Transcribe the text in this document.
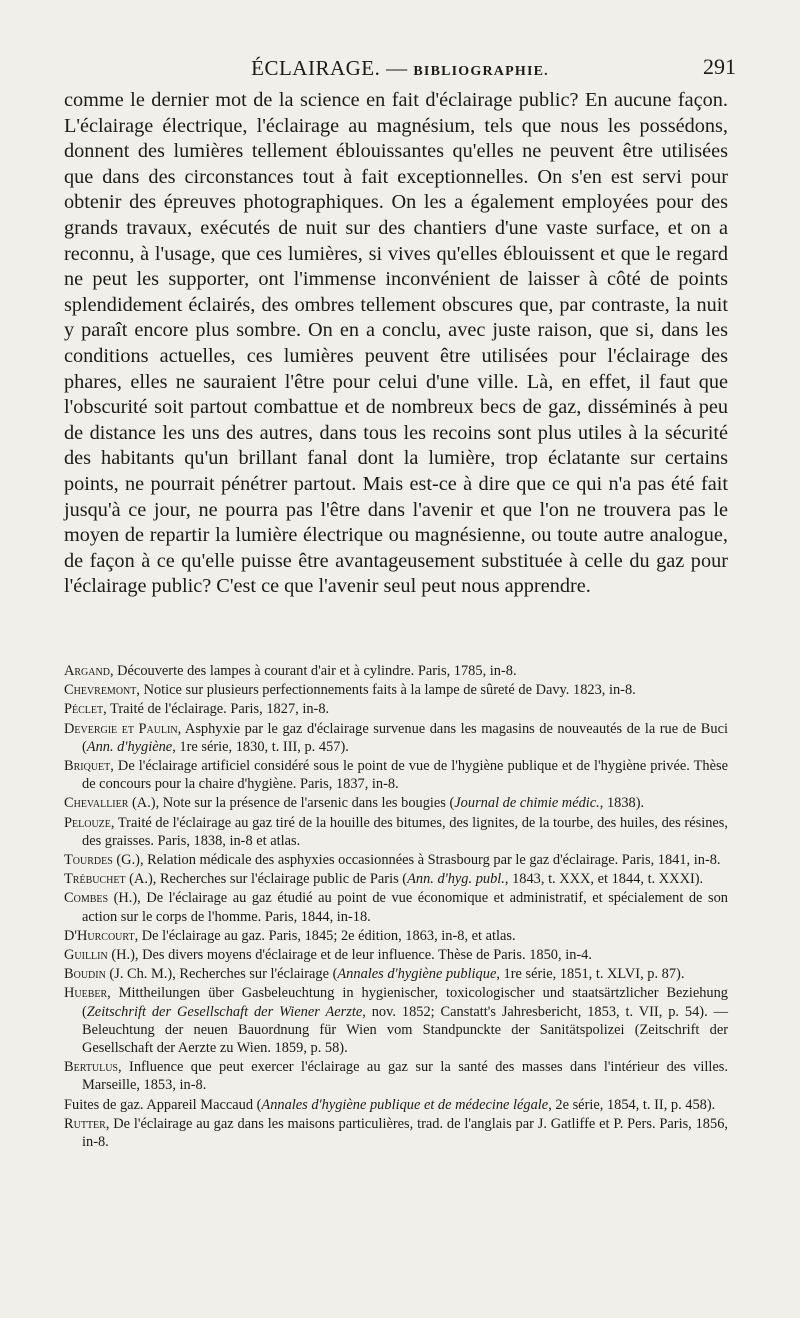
ÉCLAIRAGE. — BIBLIOGRAPHIE.	291

comme le dernier mot de la science en fait d'éclairage public? En aucune façon. L'éclairage électrique, l'éclairage au magnésium, tels que nous les possédons, donnent des lumières tellement éblouissantes qu'elles ne peuvent être utilisées que dans des circonstances tout à fait exceptionnelles. On s'en est servi pour obtenir des épreuves photographiques. On les a également employées pour des grands travaux, exécutés de nuit sur des chantiers d'une vaste surface, et on a reconnu, à l'usage, que ces lumières, si vives qu'elles éblouissent et que le regard ne peut les supporter, ont l'immense inconvénient de laisser à côté de points splendidement éclairés, des ombres tellement obscures que, par contraste, la nuit y paraît encore plus sombre. On en a conclu, avec juste raison, que si, dans les conditions actuelles, ces lumières peuvent être utilisées pour l'éclairage des phares, elles ne sauraient l'être pour celui d'une ville. Là, en effet, il faut que l'obscurité soit partout combattue et de nombreux becs de gaz, disséminés à peu de distance les uns des autres, dans tous les recoins sont plus utiles à la sécurité des habitants qu'un brillant fanal dont la lumière, trop éclatante sur certains points, ne pourrait pénétrer partout. Mais est-ce à dire que ce qui n'a pas été fait jusqu'à ce jour, ne pourra pas l'être dans l'avenir et que l'on ne trouvera pas le moyen de repartir la lumière électrique ou magnésienne, ou toute autre analogue, de façon à ce qu'elle puisse être avantageusement substituée à celle du gaz pour l'éclairage public? C'est ce que l'avenir seul peut nous apprendre.

Argand, Découverte des lampes à courant d'air et à cylindre. Paris, 1785, in-8.
Chevremont, Notice sur plusieurs perfectionnements faits à la lampe de sûreté de Davy. 1823, in-8.
Péclet, Traité de l'éclairage. Paris, 1827, in-8.
Devergie et Paulin, Asphyxie par le gaz d'éclairage survenue dans les magasins de nouveautés de la rue de Buci (Ann. d'hygiène, 1re série, 1830, t. III, p. 457).
Briquet, De l'éclairage artificiel considéré sous le point de vue de l'hygiène publique et de l'hygiène privée. Thèse de concours pour la chaire d'hygiène. Paris, 1837, in-8.
Chevallier (A.), Note sur la présence de l'arsenic dans les bougies (Journal de chimie médic., 1838).
Pelouze, Traité de l'éclairage au gaz tiré de la houille des bitumes, des lignites, de la tourbe, des huiles, des résines, des graisses. Paris, 1838, in-8 et atlas.
Tourdes (G.), Relation médicale des asphyxies occasionnées à Strasbourg par le gaz d'éclairage. Paris, 1841, in-8.
Trébuchet (A.), Recherches sur l'éclairage public de Paris (Ann. d'hyg. publ., 1843, t. XXX, et 1844, t. XXXI).
Combes (H.), De l'éclairage au gaz étudié au point de vue économique et administratif, et spécialement de son action sur le corps de l'homme. Paris, 1844, in-18.
D'Hurcourt, De l'éclairage au gaz. Paris, 1845; 2e édition, 1863, in-8, et atlas.
Guillin (H.), Des divers moyens d'éclairage et de leur influence. Thèse de Paris. 1850, in-4.
Boudin (J. Ch. M.), Recherches sur l'éclairage (Annales d'hygiène publique, 1re série, 1851, t. XLVI, p. 87).
Hueber, Mittheilungen über Gasbeleuchtung in hygienischer, toxicologischer und staatsärtzlicher Beziehung (Zeitschrift der Gesellschaft der Wiener Aerzte, nov. 1852; Canstatt's Jahresbericht, 1853, t. VII, p. 54). — Beleuchtung der neuen Bauordnung für Wien vom Standpunckte der Sanitätspolizei (Zeitschrift der Gesellschaft der Aerzte zu Wien. 1859, p. 58).
Bertulus, Influence que peut exercer l'éclairage au gaz sur la santé des masses dans l'intérieur des villes. Marseille, 1853, in-8.
Fuites de gaz. Appareil Maccaud (Annales d'hygiène publique et de médecine légale, 2e série, 1854, t. II, p. 458).
Rutter, De l'éclairage au gaz dans les maisons particulières, trad. de l'anglais par J. Gatliffe et P. Pers. Paris, 1856, in-8.
